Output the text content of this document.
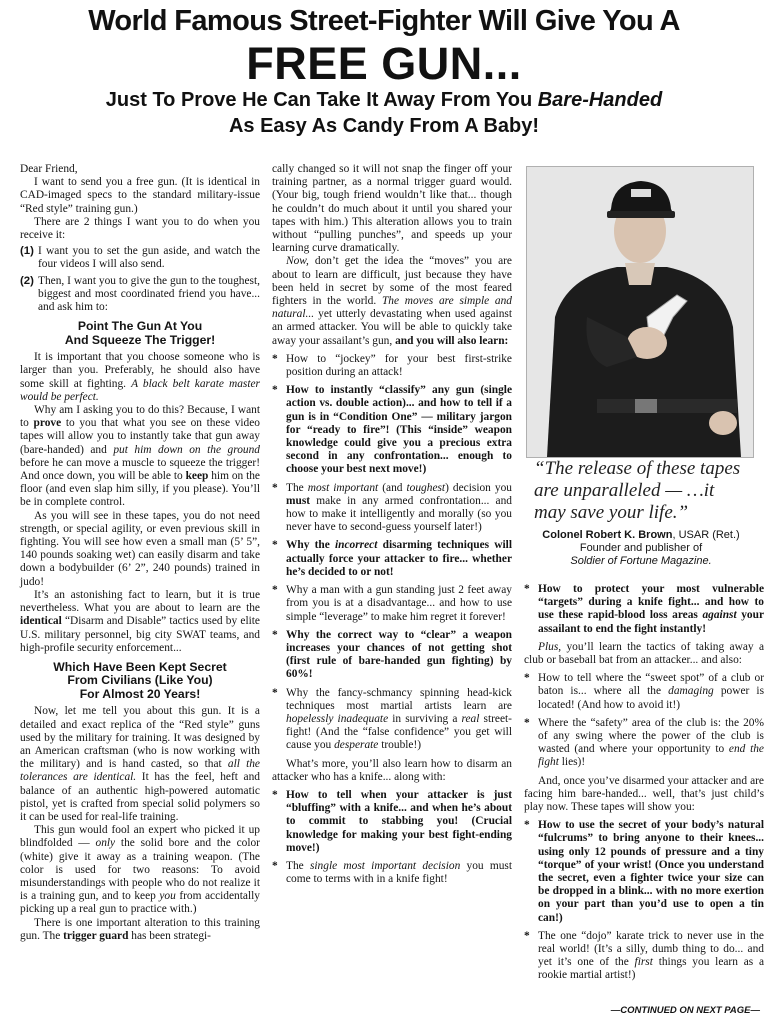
World Famous Street-Fighter Will Give You A
FREE GUN...
Just To Prove He Can Take It Away From You Bare-Handed
As Easy As Candy From A Baby!

Dear Friend,

I want to send you a free gun. (It is identical in CAD-imaged specs to the standard military-issue “Red style” training gun.)

There are 2 things I want you to do when you receive it:

(1) I want you to set the gun aside, and watch the four videos I will also send.
(2) Then, I want you to give the gun to the toughest, biggest and most coordinated friend you have... and ask him to:
Point The Gun At You
And Squeeze The Trigger!

It is important that you choose someone who is larger than you. Preferably, he should also have some skill at fighting. A black belt karate master would be perfect.

Why am I asking you to do this? Because, I want to prove to you that what you see on these video tapes will allow you to instantly take that gun away (bare-handed) and put him down on the ground before he can move a muscle to squeeze the trigger! And once down, you will be able to keep him on the floor (and even slap him silly, if you please). You’ll be in complete control.

As you will see in these tapes, you do not need strength, or special agility, or even previous skill in fighting. You will see how even a small man (5’ 5”, 140 pounds soaking wet) can easily disarm and take down a bodybuilder (6’ 2”, 240 pounds) trained in judo!

It’s an astonishing fact to learn, but it is true nevertheless. What you are about to learn are the identical “Disarm and Disable” tactics used by elite U.S. military personnel, big city SWAT teams, and high-profile security enforcement...

Which Have Been Kept Secret
From Civilians (Like You)
For Almost 20 Years!

Now, let me tell you about this gun. It is a detailed and exact replica of the “Red style” guns used by the military for training. It was designed by an American craftsman (who is now working with the military) and is hand casted, so that all the tolerances are identical. It has the feel, heft and balance of an authentic high-powered automatic pistol, yet is crafted from special solid polymers so it can be used for real-life training.

This gun would fool an expert who picked it up blindfolded — only the solid bore and the color (white) give it away as a training weapon. (The color is used for two reasons: To avoid misunderstandings with people who do not realize it is a training gun, and to keep you from accidentally picking up a real gun to practice with.)

There is one important alteration to this training gun. The trigger guard has been strategi-

cally changed so it will not snap the finger off your training partner, as a normal trigger guard would. (Your big, tough friend wouldn’t like that... though he couldn’t do much about it until you shared your tapes with him.) This alteration allows you to train without “pulling punches”, and speeds up your learning curve dramatically.

Now, don’t get the idea the “moves” you are about to learn are difficult, just because they have been held in secret by some of the most feared fighters in the world. The moves are simple and natural... yet utterly devastating when used against an armed attacker. You will be able to quickly take away your assailant’s gun, and you will also learn:

* How to “jockey” for your best first-strike position during an attack!
* How to instantly “classify” any gun (single action vs. double action)... and how to tell if a gun is in “Condition One” — military jargon for “ready to fire”! (This “inside” weapon knowledge could give you a precious extra second in any confrontation... enough to choose your best next move!)
* The most important (and toughest) decision you must make in any armed confrontation... and how to make it intelligently and morally (so you never have to second-guess yourself later!)
* Why the incorrect disarming techniques will actually force your attacker to fire... whether he’s decided to or not!
* Why a man with a gun standing just 2 feet away from you is at a disadvantage... and how to use simple “leverage” to make him regret it forever!
* Why the correct way to “clear” a weapon increases your chances of not getting shot (first rule of bare-handed gun fighting) by 60%!
* Why the fancy-schmancy spinning head-kick techniques most martial artists learn are hopelessly inadequate in surviving a real street-fight! (And the “false confidence” you get will cause you desperate trouble!)

What’s more, you’ll also learn how to disarm an attacker who has a knife... along with:

* How to tell when your attacker is just “bluffing” with a knife... and when he’s about to commit to stabbing you! (Crucial knowledge for making your best fight-ending move!)
* The single most important decision you must come to terms with in a knife fight!
“The release of these tapes are unparalleled — …it may save your life.”
Colonel Robert K. Brown, USAR (Ret.)
Founder and publisher of
Soldier of Fortune Magazine.
* How to protect your most vulnerable “targets” during a knife fight... and how to use these rapid-blood loss areas against your assailant to end the fight instantly!

Plus, you’ll learn the tactics of taking away a club or baseball bat from an attacker... and also:

* How to tell where the “sweet spot” of a club or baton is... where all the damaging power is located! (And how to avoid it!)
* Where the “safety” area of the club is: the 20% of any swing where the power of the club is wasted (and where your opportunity to end the fight lies)!

And, once you’ve disarmed your attacker and are facing him bare-handed... well, that’s just child’s play now. These tapes will show you:

* How to use the secret of your body’s natural “fulcrums” to bring anyone to their knees... using only 12 pounds of pressure and a tiny “torque” of your wrist! (Once you understand the secret, even a fighter twice your size can be dropped in a blink... with no more exertion on your part than you’d use to open a tin can!)
* The one “dojo” karate trick to never use in the real world! (It’s a silly, dumb thing to do... and yet it’s one of the first things you learn as a rookie martial artist!)
—CONTINUED ON NEXT PAGE—
